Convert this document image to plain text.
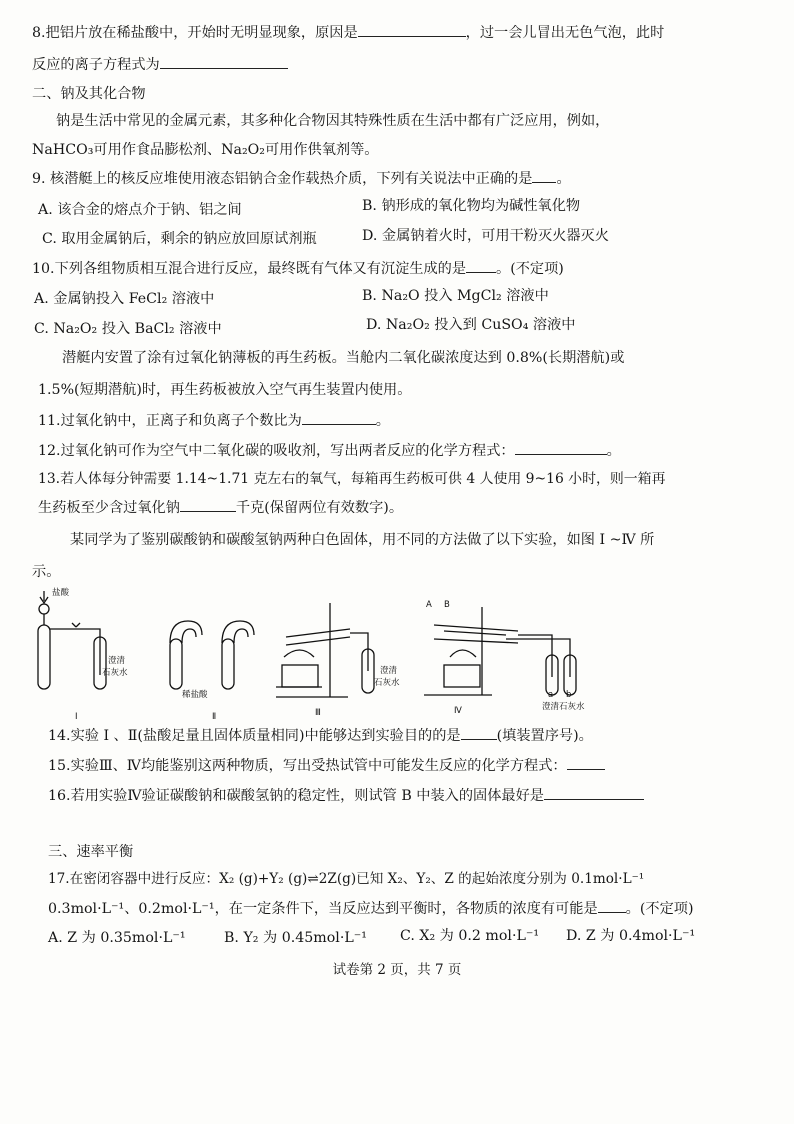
8.把铝片放在稀盐酸中，开始时无明显现象，原因是	，过一会儿冒出无色气泡，此时
反应的离子方程式为
二、钠及其化合物
钠是生活中常见的金属元素，其多种化合物因其特殊性质在生活中都有广泛应用，例如，
NaHCO₃可用作食品膨松剂、Na₂O₂可用作供氧剂等。
9. 核潜艇上的核反应堆使用液态铝钠合金作载热介质，下列有关说法中正确的是 。
A. 该合金的熔点介于钠、铝之间	B. 钠形成的氧化物均为碱性氧化物
C. 取用金属钠后，剩余的钠应放回原试剂瓶	D. 金属钠着火时，可用干粉灭火器灭火
10.下列各组物质相互混合进行反应，最终既有气体又有沉淀生成的是 。(不定项)
A. 金属钠投入 FeCl₂ 溶液中	B. Na₂O 投入 MgCl₂ 溶液中
C. Na₂O₂ 投入 BaCl₂ 溶液中	D. Na₂O₂ 投入到 CuSO₄ 溶液中
潜艇内安置了涂有过氧化钠薄板的再生药板。当舱内二氧化碳浓度达到 0.8%(长期潜航)或
1.5%(短期潜航)时，再生药板被放入空气再生装置内使用。
11.过氧化钠中，正离子和负离子个数比为	。
12.过氧化钠可作为空气中二氧化碳的吸收剂，写出两者反应的化学方程式：	。
13.若人体每分钟需要 1.14~1.71 克左右的氧气，每箱再生药板可供 4 人使用 9~16 小时，则一箱再
生药板至少含过氧化钠	千克(保留两位有效数字)。
某同学为了鉴别碳酸钠和碳酸氢钠两种白色固体，用不同的方法做了以下实验，如图 Ⅰ ~Ⅳ 所
示。
盐酸
澄清
石灰水
稀盐酸
澄清
石灰水
A B
a b
澄清石灰水
Ⅰ	Ⅱ	Ⅲ	Ⅳ
14.实验 Ⅰ 、Ⅱ(盐酸足量且固体质量相同)中能够达到实验目的的是	(填装置序号)。
15.实验Ⅲ、Ⅳ均能鉴别这两种物质，写出受热试管中可能发生反应的化学方程式：
16.若用实验Ⅳ验证碳酸钠和碳酸氢钠的稳定性，则试管 B 中装入的固体最好是
三、速率平衡
17.在密闭容器中进行反应：X₂ (g)+Y₂ (g)⇌2Z(g)已知 X₂、Y₂、Z 的起始浓度分别为 0.1mol·L⁻¹
0.3mol·L⁻¹、0.2mol·L⁻¹，在一定条件下，当反应达到平衡时，各物质的浓度有可能是 。(不定项)
A. Z 为 0.35mol·L⁻¹	B. Y₂ 为 0.45mol·L⁻¹ C. X₂ 为 0.2 mol·L⁻¹ D. Z 为 0.4mol·L⁻¹
试卷第 2 页，共 7 页
